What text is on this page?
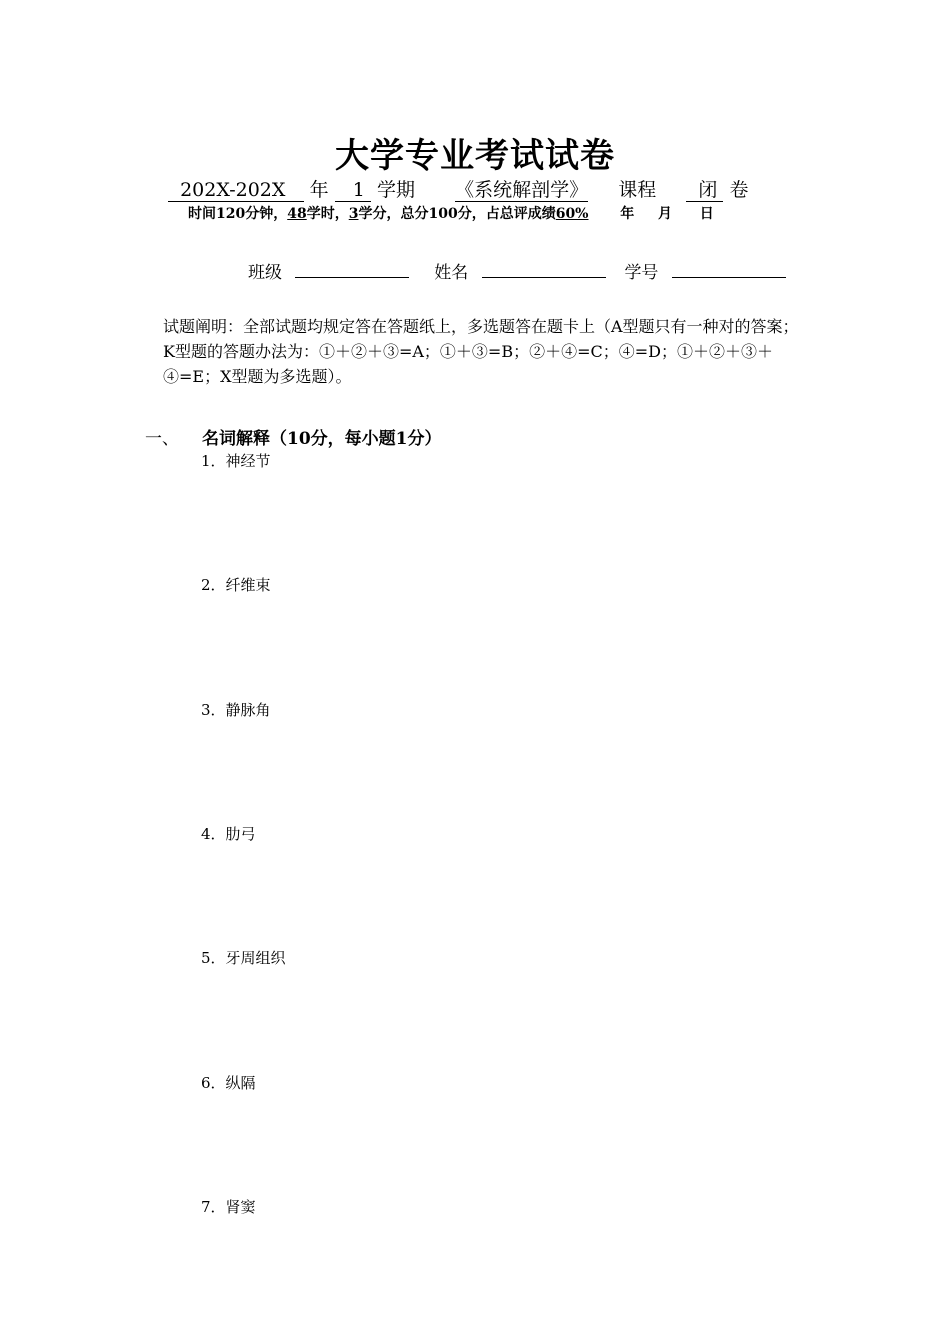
大学专业考试试卷
202X-202X 年 1 学期 《系统解剖学》 课程 闭 卷
时间120分钟，48学时，3学分，总分100分，占总评成绩60% 年 月 日
班级	姓名	学号
试题阐明：全部试题均规定答在答题纸上，多选题答在题卡上（A型题只有一种对的答案；K型题的答题办法为：①＋②＋③=A；①＋③=B；②＋④=C；④=D；①＋②＋③＋④=E；X型题为多选题）。
一、 名词解释（10分，每小题1分）
1．神经节
2．纤维束
3．静脉角
4．肋弓
5．牙周组织
6．纵隔
7．肾窦
